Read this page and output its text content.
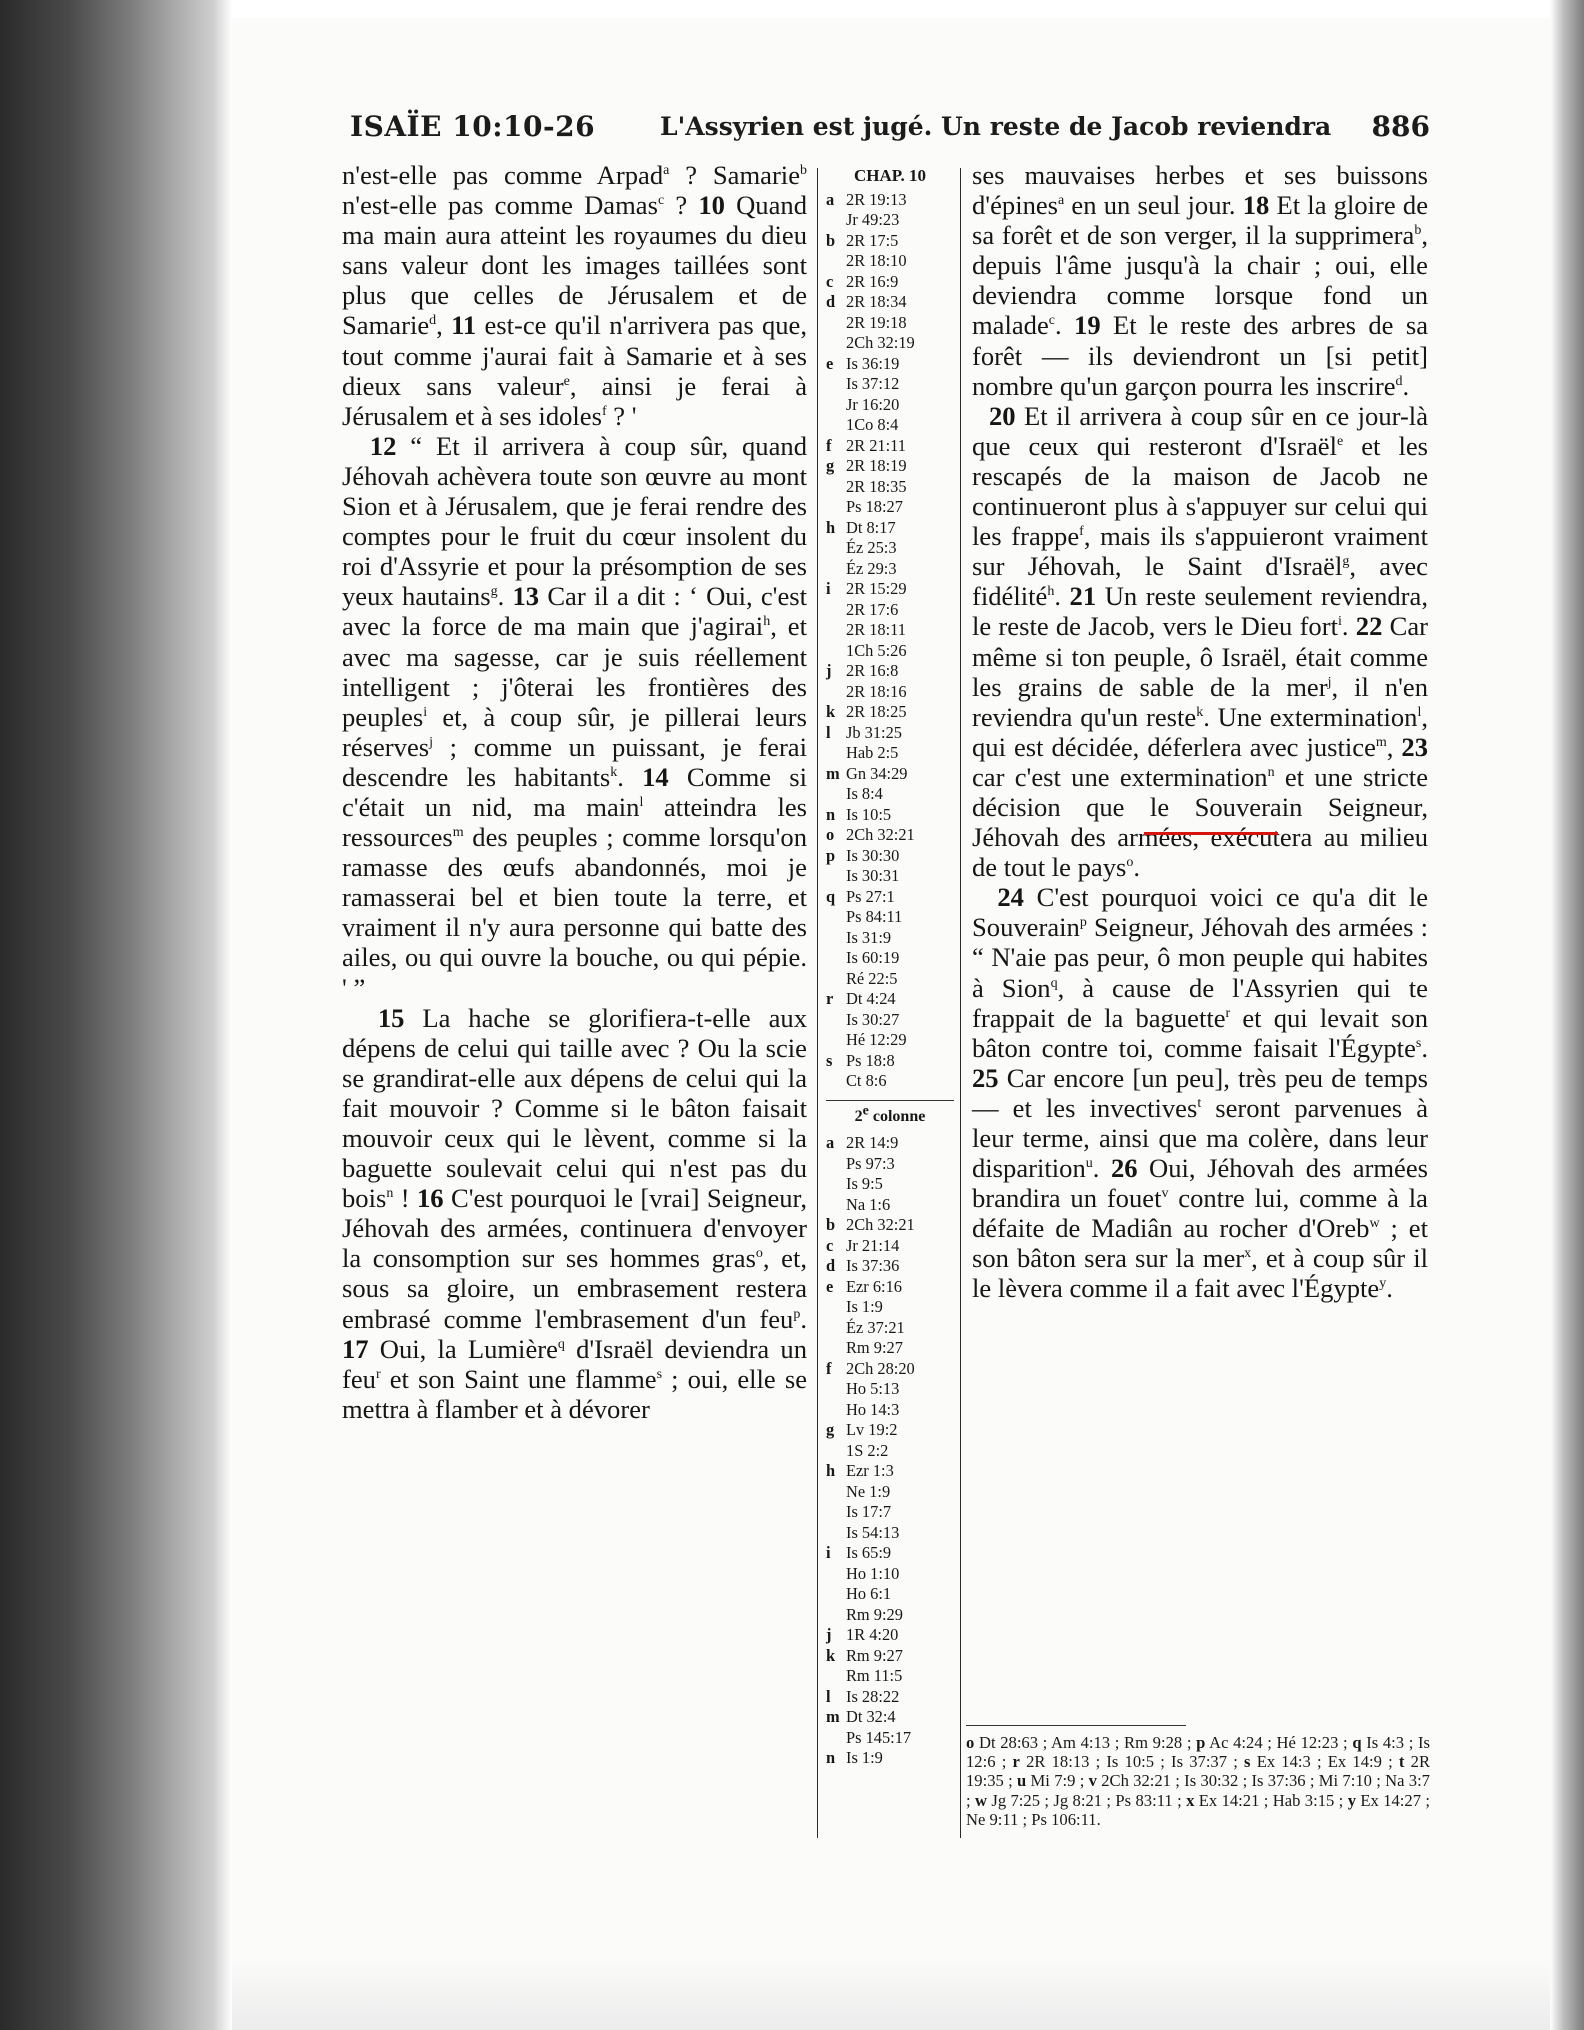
ISAÏE 10:10-26	L'Assyrien est jugé. Un reste de Jacob reviendra 886

n'est-elle pas comme Arpad$^a$ ? Samarie$^b$ n'est-elle pas comme Damas$^c$ ? 10 Quand ma main aura atteint les royaumes du dieu sans valeur dont les images taillées sont plus que celles de Jérusalem et de Samarie$^d$, 11 est-ce qu'il n'arrivera pas que, tout comme j'aurai fait à Samarie et à ses dieux sans valeur$^e$, ainsi je ferai à Jérusalem et à ses idoles$^f$ ? '

12 “ Et il arrivera à coup sûr, quand Jéhovah achèvera toute son œuvre au mont Sion et à Jérusalem, que je ferai rendre des comptes pour le fruit du cœur insolent du roi d'Assyrie et pour la présomption de ses yeux hautains$^g$. 13 Car il a dit : ‘ Oui, c'est avec la force de ma main que j'agirai$^h$, et avec ma sagesse, car je suis réellement intelligent ; j'ôterai les frontières des peuples$^i$ et, à coup sûr, je pillerai leurs réserves$^j$ ; comme un puissant, je ferai descendre les habitants$^k$. 14 Comme si c'était un nid, ma main$^l$ atteindra les ressources$^m$ des peuples ; comme lorsqu'on ramasse des œufs abandonnés, moi je ramasserai bel et bien toute la terre, et vraiment il n'y aura personne qui batte des ailes, ou qui ouvre la bouche, ou qui pépie. ' ”

15 La hache se glorifiera-t-elle aux dépens de celui qui taille avec ? Ou la scie se grandirat-elle aux dépens de celui qui la fait mouvoir ? Comme si le bâton faisait mouvoir ceux qui le lèvent, comme si la baguette soulevait celui qui n'est pas du bois$^n$ ! 16 C'est pourquoi le [vrai] Seigneur, Jéhovah des armées, continuera d'envoyer la consomption sur ses hommes gras$^o$, et, sous sa gloire, un embrasement restera embrasé comme l'embrasement d'un feu$^p$. 17 Oui, la Lumière$^q$ d'Israël deviendra un feu$^r$ et son Saint une flamme$^s$ ; oui, elle se mettra à flamber et à dévorer

CHAP. 10
a 2R 19:13
Jr 49:23
b 2R 17:5
2R 18:10
c 2R 16:9
d 2R 18:34
2R 19:18
2Ch 32:19
e Is 36:19
Is 37:12
Jr 16:20
1Co 8:4
f 2R 21:11
g 2R 18:19
2R 18:35
Ps 18:27
h Dt 8:17
Éz 25:3
Éz 29:3
i 2R 15:29
2R 17:6
2R 18:11
1Ch 5:26
j 2R 16:8
2R 18:16
k 2R 18:25
l Jb 31:25
Hab 2:5
m Gn 34:29
Is 8:4
n Is 10:5
o 2Ch 32:21
p Is 30:30
Is 30:31
q Ps 27:1
Ps 84:11
Is 31:9
Is 60:19
Ré 22:5
r Dt 4:24
Is 30:27
Hé 12:29
s Ps 18:8
Ct 8:6
2e colonne
a 2R 14:9
Ps 97:3
Is 9:5
Na 1:6
b 2Ch 32:21
c Jr 21:14
d Is 37:36
e Ezr 6:16
Is 1:9
Éz 37:21
Rm 9:27
f 2Ch 28:20
Ho 5:13
Ho 14:3
g Lv 19:2
1S 2:2
h Ezr 1:3
Ne 1:9
Is 17:7
Is 54:13
i Is 65:9
Ho 1:10
Ho 6:1
Rm 9:29
j 1R 4:20
k Rm 9:27
Rm 11:5
l Is 28:22
m Dt 32:4
Ps 145:17
n Is 1:9

ses mauvaises herbes et ses buissons d'épines$^a$ en un seul jour. 18 Et la gloire de sa forêt et de son verger, il la supprimera$^b$, depuis l'âme jusqu'à la chair ; oui, elle deviendra comme lorsque fond un malade$^c$. 19 Et le reste des arbres de sa forêt — ils deviendront un [si petit] nombre qu'un garçon pourra les inscrire$^d$.

20 Et il arrivera à coup sûr en ce jour-là que ceux qui resteront d'Israël$^e$ et les rescapés de la maison de Jacob ne continueront plus à s'appuyer sur celui qui les frappe$^f$, mais ils s'appuieront vraiment sur Jéhovah, le Saint d'Israël$^g$, avec fidélité$^h$. 21 Un reste seulement reviendra, le reste de Jacob, vers le Dieu fort$^i$. 22 Car même si ton peuple, ô Israël, était comme les grains de sable de la mer$^j$, il n'en reviendra qu'un reste$^k$. Une extermination$^l$, qui est décidée, déferlera avec justice$^m$, 23 car c'est une extermination$^n$ et une stricte décision que le Souverain Seigneur, Jéhovah des armées, exécutera au milieu de tout le pays$^o$.

24 C'est pourquoi voici ce qu'a dit le Souverain$^p$ Seigneur, Jéhovah des armées : “ N'aie pas peur, ô mon peuple qui habites à Sion$^q$, à cause de l'Assyrien qui te frappait de la baguette$^r$ et qui levait son bâton contre toi, comme faisait l'Égypte$^s$. 25 Car encore [un peu], très peu de temps — et les invectives$^t$ seront parvenues à leur terme, ainsi que ma colère, dans leur disparition$^u$. 26 Oui, Jéhovah des armées brandira un fouet$^v$ contre lui, comme à la défaite de Madiân au rocher d'Oreb$^w$ ; et son bâton sera sur la mer$^x$, et à coup sûr il le lèvera comme il a fait avec l'Égypte$^y$.

o Dt 28:63 ; Am 4:13 ; Rm 9:28 ; p Ac 4:24 ; Hé 12:23 ; q Is 4:3 ; Is 12:6 ; r 2R 18:13 ; Is 10:5 ; Is 37:37 ; s Ex 14:3 ; Ex 14:9 ; t 2R 19:35 ; u Mi 7:9 ; v 2Ch 32:21 ; Is 30:32 ; Is 37:36 ; Mi 7:10 ; Na 3:7 ; w Jg 7:25 ; Jg 8:21 ; Ps 83:11 ; x Ex 14:21 ; Hab 3:15 ; y Ex 14:27 ; Ne 9:11 ; Ps 106:11.
